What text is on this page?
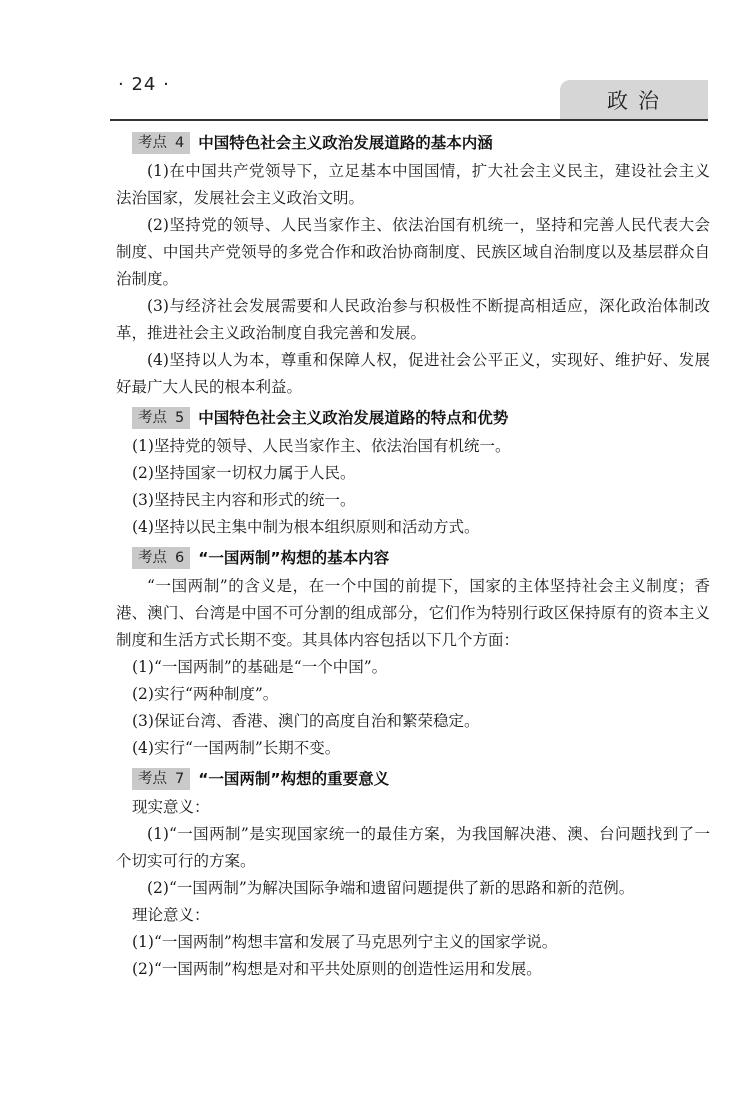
· 24 ·
政治
考点 4 中国特色社会主义政治发展道路的基本内涵

(1)在中国共产党领导下，立足基本中国国情，扩大社会主义民主，建设社会主义法治国家，发展社会主义政治文明。

(2)坚持党的领导、人民当家作主、依法治国有机统一，坚持和完善人民代表大会制度、中国共产党领导的多党合作和政治协商制度、民族区域自治制度以及基层群众自治制度。

(3)与经济社会发展需要和人民政治参与积极性不断提高相适应，深化政治体制改革，推进社会主义政治制度自我完善和发展。

(4)坚持以人为本，尊重和保障人权，促进社会公平正义，实现好、维护好、发展好最广大人民的根本利益。

考点 5 中国特色社会主义政治发展道路的特点和优势

(1)坚持党的领导、人民当家作主、依法治国有机统一。

(2)坚持国家一切权力属于人民。

(3)坚持民主内容和形式的统一。

(4)坚持以民主集中制为根本组织原则和活动方式。

考点 6 “一国两制”构想的基本内容

“一国两制”的含义是，在一个中国的前提下，国家的主体坚持社会主义制度；香港、澳门、台湾是中国不可分割的组成部分，它们作为特别行政区保持原有的资本主义制度和生活方式长期不变。其具体内容包括以下几个方面：

(1)“一国两制”的基础是“一个中国”。

(2)实行“两种制度”。

(3)保证台湾、香港、澳门的高度自治和繁荣稳定。

(4)实行“一国两制”长期不变。

考点 7 “一国两制”构想的重要意义

现实意义：

(1)“一国两制”是实现国家统一的最佳方案，为我国解决港、澳、台问题找到了一个切实可行的方案。

(2)“一国两制”为解决国际争端和遗留问题提供了新的思路和新的范例。

理论意义：

(1)“一国两制”构想丰富和发展了马克思列宁主义的国家学说。

(2)“一国两制”构想是对和平共处原则的创造性运用和发展。
